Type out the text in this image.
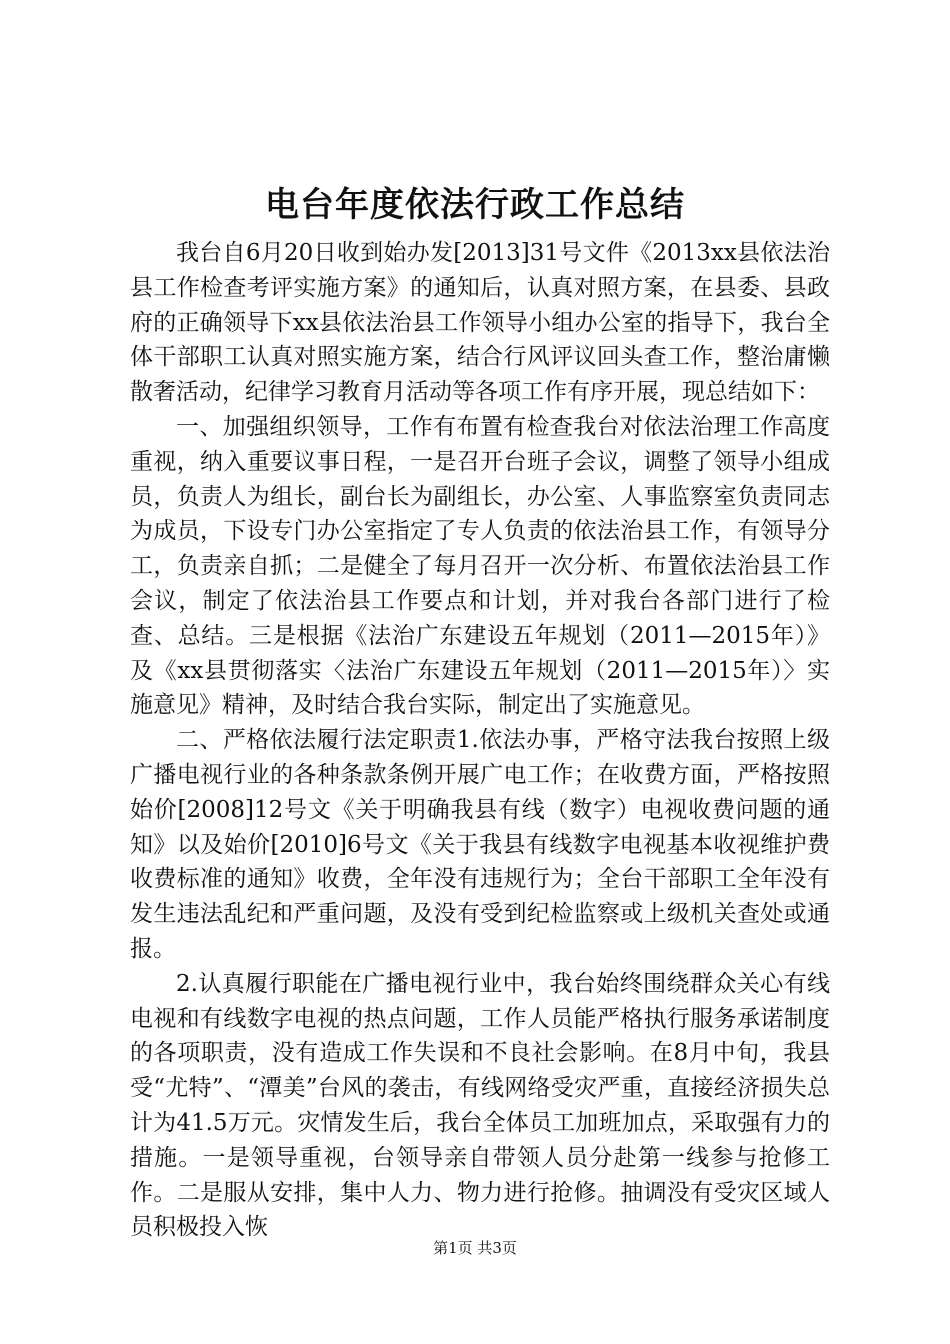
电台年度依法行政工作总结

我台自6月20日收到始办发[2013]31号文件《2013xx县依法治县工作检查考评实施方案》的通知后，认真对照方案，在县委、县政府的正确领导下xx县依法治县工作领导小组办公室的指导下，我台全体干部职工认真对照实施方案，结合行风评议回头查工作，整治庸懒散奢活动，纪律学习教育月活动等各项工作有序开展，现总结如下：

一、加强组织领导，工作有布置有检查我台对依法治理工作高度重视，纳入重要议事日程，一是召开台班子会议，调整了领导小组成员，负责人为组长，副台长为副组长，办公室、人事监察室负责同志为成员，下设专门办公室指定了专人负责的依法治县工作，有领导分工，负责亲自抓；二是健全了每月召开一次分析、布置依法治县工作会议，制定了依法治县工作要点和计划，并对我台各部门进行了检查、总结。三是根据《法治广东建设五年规划（2011—2015年）》及《xx县贯彻落实〈法治广东建设五年规划（2011—2015年）〉实施意见》精神，及时结合我台实际，制定出了实施意见。

二、严格依法履行法定职责1.依法办事，严格守法我台按照上级广播电视行业的各种条款条例开展广电工作；在收费方面，严格按照始价[2008]12号文《关于明确我县有线（数字）电视收费问题的通知》以及始价[2010]6号文《关于我县有线数字电视基本收视维护费收费标准的通知》收费，全年没有违规行为；全台干部职工全年没有发生违法乱纪和严重问题，及没有受到纪检监察或上级机关查处或通报。

2.认真履行职能在广播电视行业中，我台始终围绕群众关心有线电视和有线数字电视的热点问题，工作人员能严格执行服务承诺制度的各项职责，没有造成工作失误和不良社会影响。在8月中旬，我县受“尤特”、“潭美”台风的袭击，有线网络受灾严重，直接经济损失总计为41.5万元。灾情发生后，我台全体员工加班加点，采取强有力的措施。一是领导重视，台领导亲自带领人员分赴第一线参与抢修工作。二是服从安排，集中人力、物力进行抢修。抽调没有受灾区域人员积极投入恢

第1页 共3页
